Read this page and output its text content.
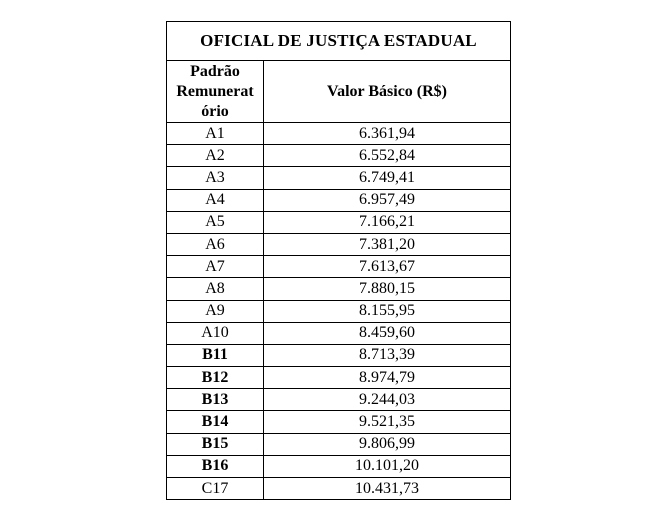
OFICIAL DE JUSTIÇA ESTADUAL	

Padrão
Remunerat
ório	Valor Básico (R$)
A1	6.361,94
A2	6.552,84
A3	6.749,41
A4	6.957,49
A5	7.166,21
A6	7.381,20
A7	7.613,67
A8	7.880,15
A9	8.155,95
A10	8.459,60
B11	8.713,39
B12	8.974,79
B13	9.244,03
B14	9.521,35
B15	9.806,99
B16	10.101,20
C17	10.431,73
